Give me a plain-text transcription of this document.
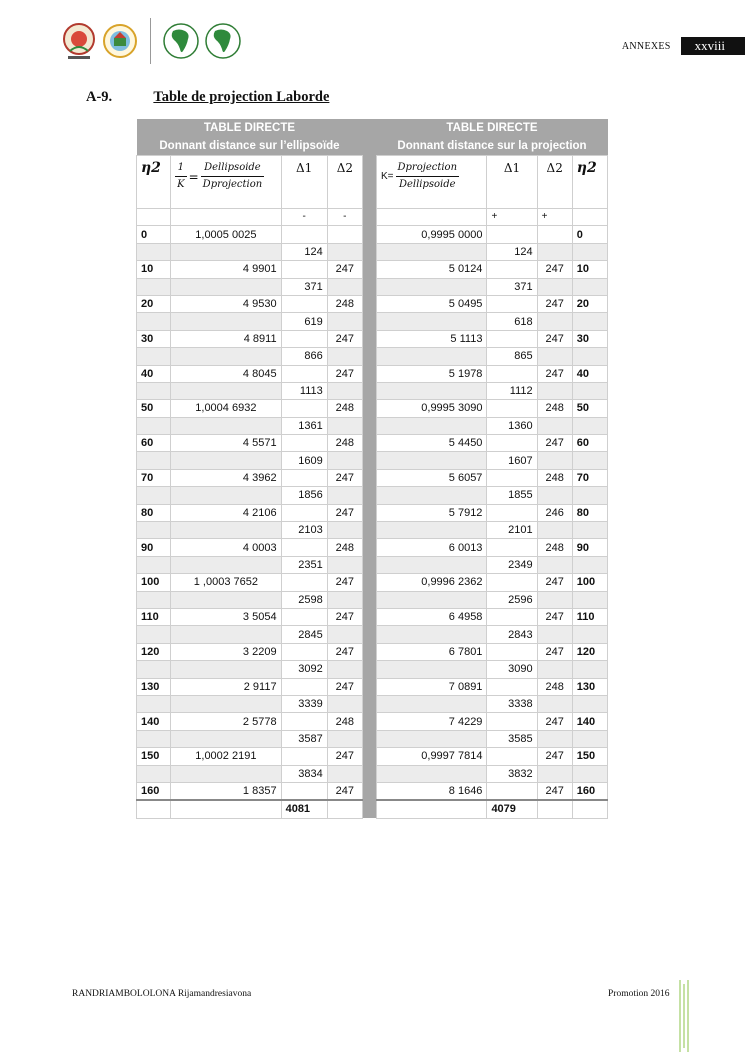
ANNEXES	xxviii
A-9.	Table de projection Laborde
TABLE DIRECTE					TABLE DIRECTE			
Donnant distance sur l’ellipsoïde					Donnant distance sur la projection			
η2	$\frac{1}{K} = \frac{\text{Dellipsoide}}{\text{Dprojection}}$	Δ1	Δ2		$K= \frac{\text{Dprojection}}{\text{Dellipsoide}}$	Δ1	Δ2	η2
		-	-			+	+	
0	1,0005 0025				0,9995 0000			0
		124				124		
10	4 9901		247		5 0124		247	10
		371				371		
20	4 9530		248		5 0495		247	20
		619				618		
30	4 8911		247		5 1113		247	30
		866				865		
40	4 8045		247		5 1978		247	40
		1113				1112		
50	1,0004 6932		248		0,9995 3090		248	50
		1361				1360		
60	4 5571		248		5 4450		247	60
		1609				1607		
70	4 3962		247		5 6057		248	70
		1856				1855		
80	4 2106		247		5 7912		246	80
		2103				2101		
90	4 0003		248		6 0013		248	90
		2351				2349		
100	1 ,0003 7652		247		0,9996 2362		247	100
		2598				2596		
110	3 5054		247		6 4958		247	110
		2845				2843		
120	3 2209		247		6 7801		247	120
		3092				3090		
130	2 9117		247		7 0891		248	130
		3339				3338		
140	2 5778		248		7 4229		247	140
		3587				3585		
150	1,0002 2191		247		0,9997 7814		247	150
		3834				3832		
160	1 8357		247		8 1646		247	160
		4081				4079		
RANDRIAMBOLOLONA Rijamandresiavona	Promotion 2016
